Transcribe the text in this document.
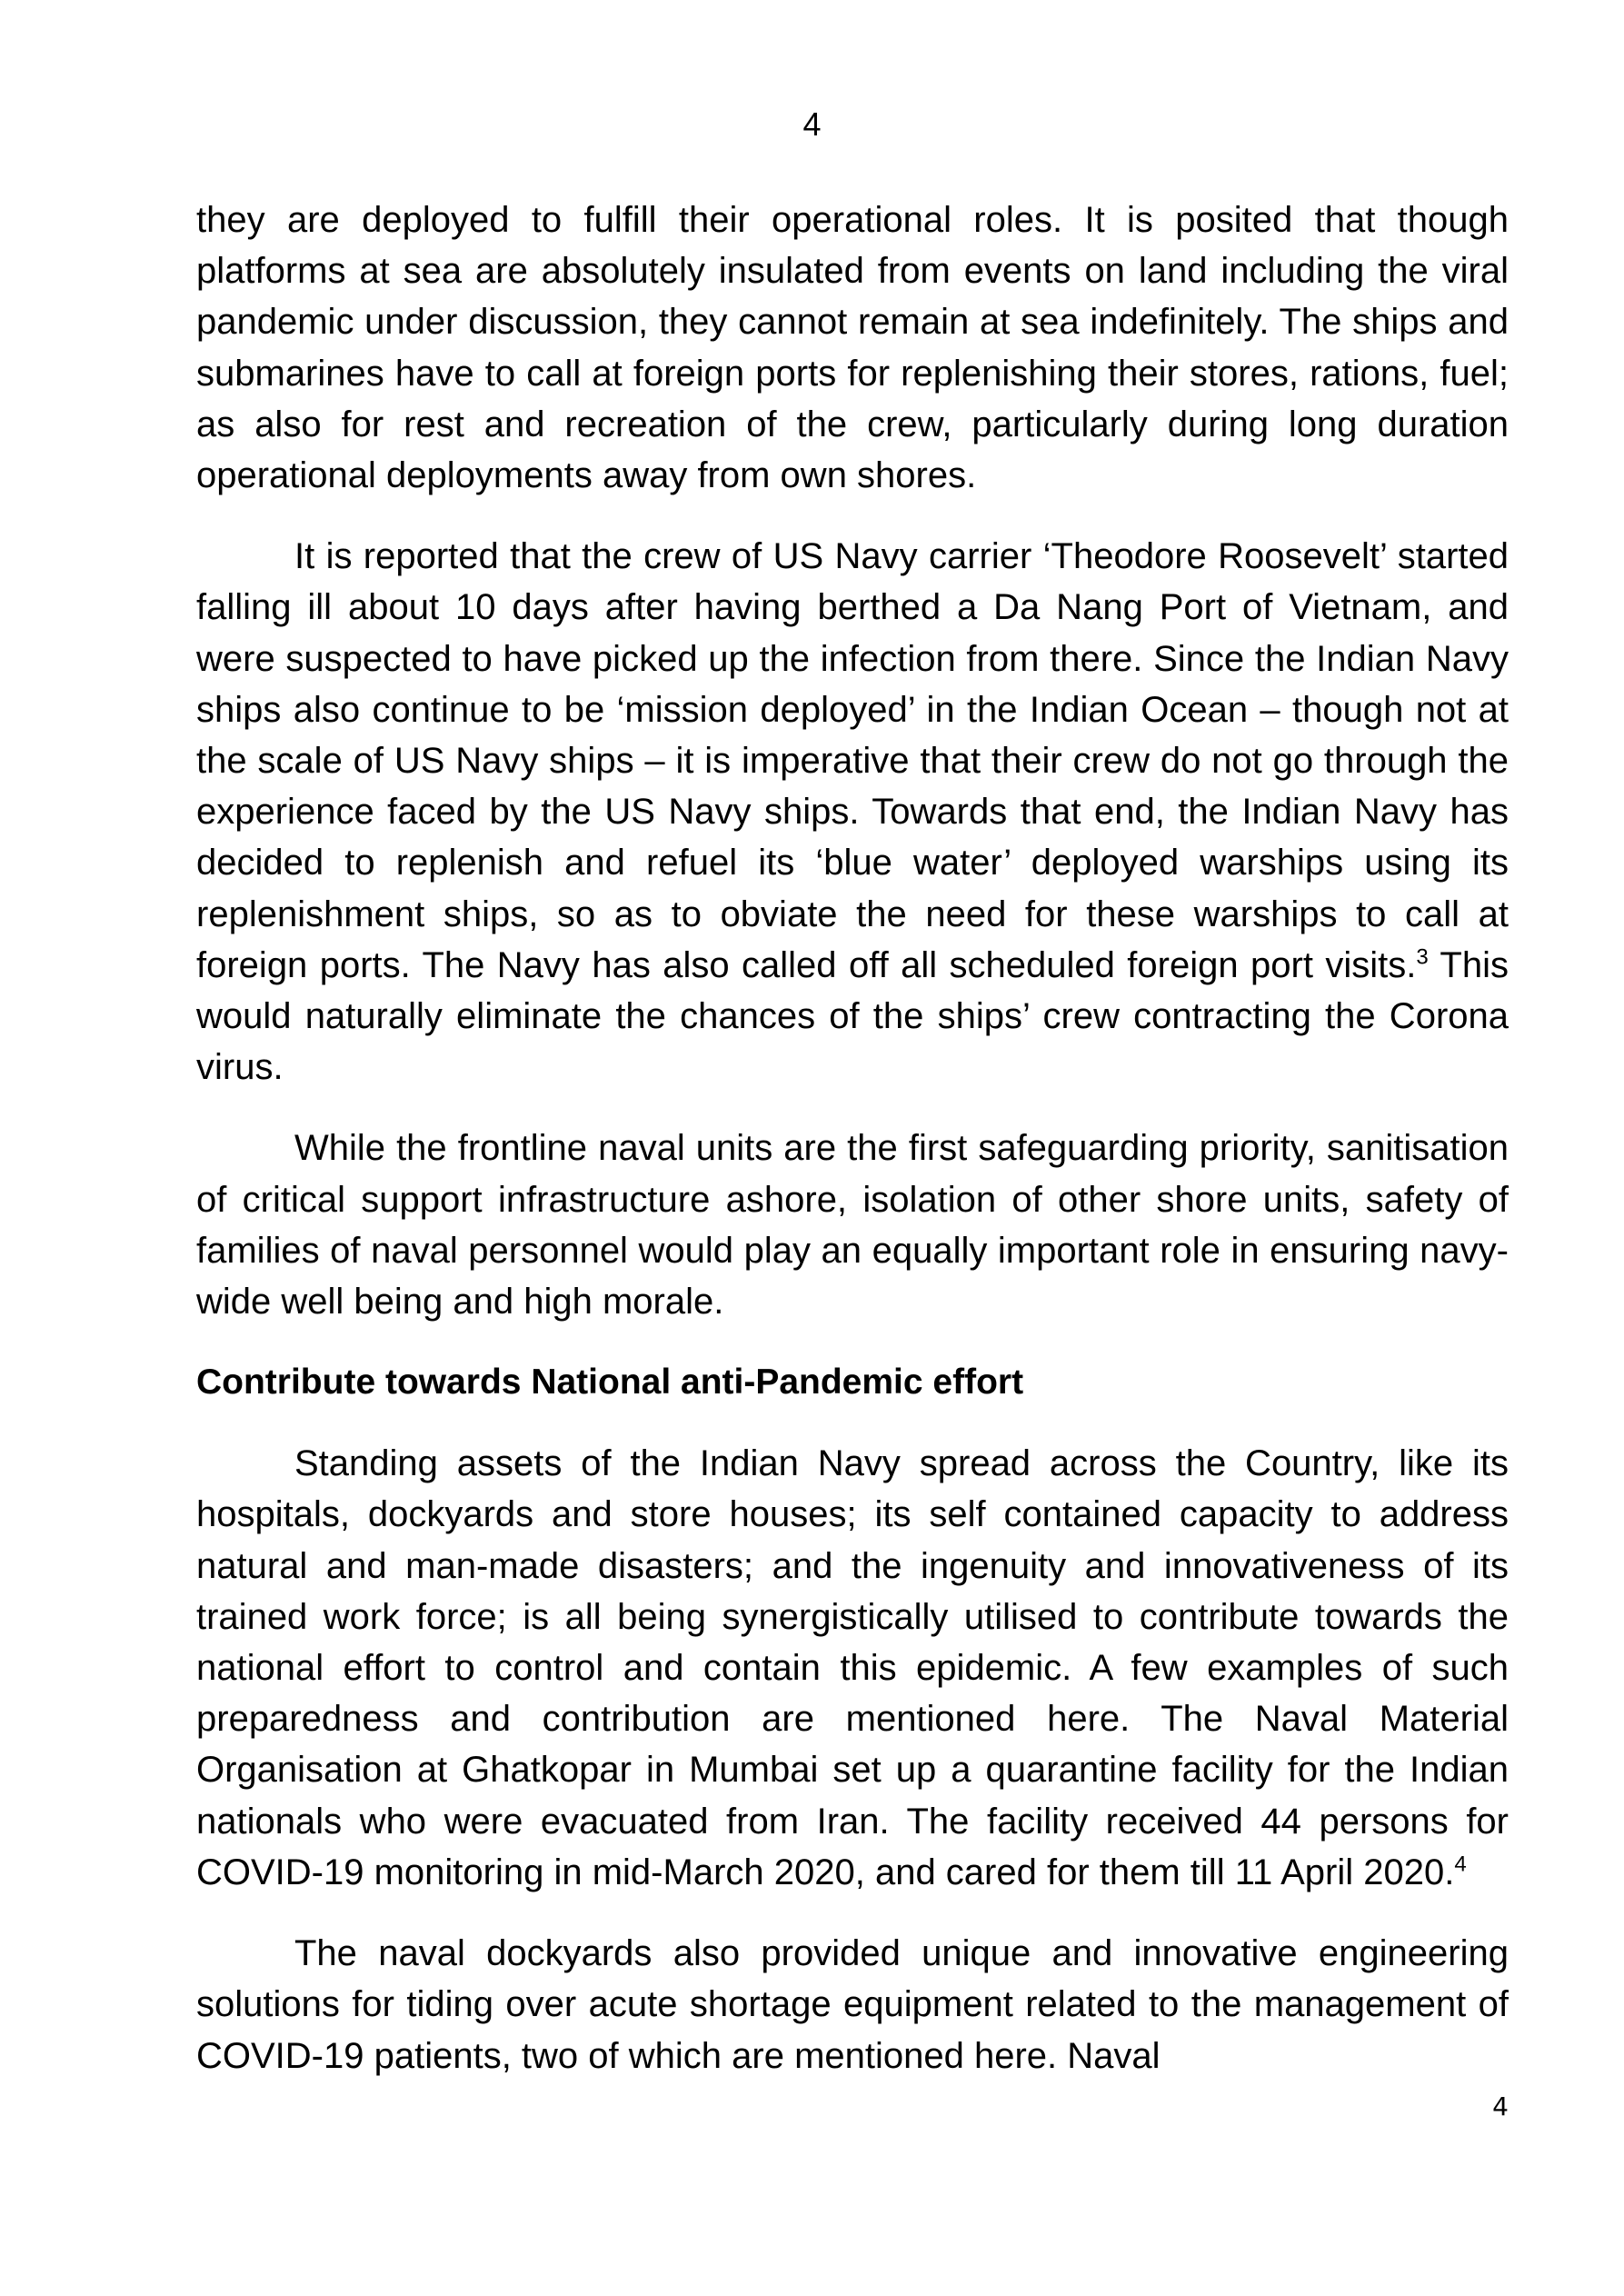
4

they are deployed to fulfill their operational roles. It is posited that though platforms at sea are absolutely insulated from events on land including the viral pandemic under discussion, they cannot remain at sea indefinitely. The ships and submarines have to call at foreign ports for replenishing their stores, rations, fuel; as also for rest and recreation of the crew, particularly during long duration operational deployments away from own shores.

It is reported that the crew of US Navy carrier ‘Theodore Roosevelt’ started falling ill about 10 days after having berthed a Da Nang Port of Vietnam, and were suspected to have picked up the infection from there. Since the Indian Navy ships also continue to be ‘mission deployed’ in the Indian Ocean – though not at the scale of US Navy ships – it is imperative that their crew do not go through the experience faced by the US Navy ships. Towards that end, the Indian Navy has decided to replenish and refuel its ‘blue water’ deployed warships using its replenishment ships, so as to obviate the need for these warships to call at foreign ports. The Navy has also called off all scheduled foreign port visits.$^3$ This would naturally eliminate the chances of the ships’ crew contracting the Corona virus.

While the frontline naval units are the first safeguarding priority, sanitisation of critical support infrastructure ashore, isolation of other shore units, safety of families of naval personnel would play an equally important role in ensuring navy-wide well being and high morale.

Contribute towards National anti-Pandemic effort

Standing assets of the Indian Navy spread across the Country, like its hospitals, dockyards and store houses; its self contained capacity to address natural and man-made disasters; and the ingenuity and innovativeness of its trained work force; is all being synergistically utilised to contribute towards the national effort to control and contain this epidemic. A few examples of such preparedness and contribution are mentioned here. The Naval Material Organisation at Ghatkopar in Mumbai set up a quarantine facility for the Indian nationals who were evacuated from Iran. The facility received 44 persons for COVID-19 monitoring in mid-March 2020, and cared for them till 11 April 2020.$^4$

The naval dockyards also provided unique and innovative engineering solutions for tiding over acute shortage equipment related to the management of COVID-19 patients, two of which are mentioned here. Naval

4
